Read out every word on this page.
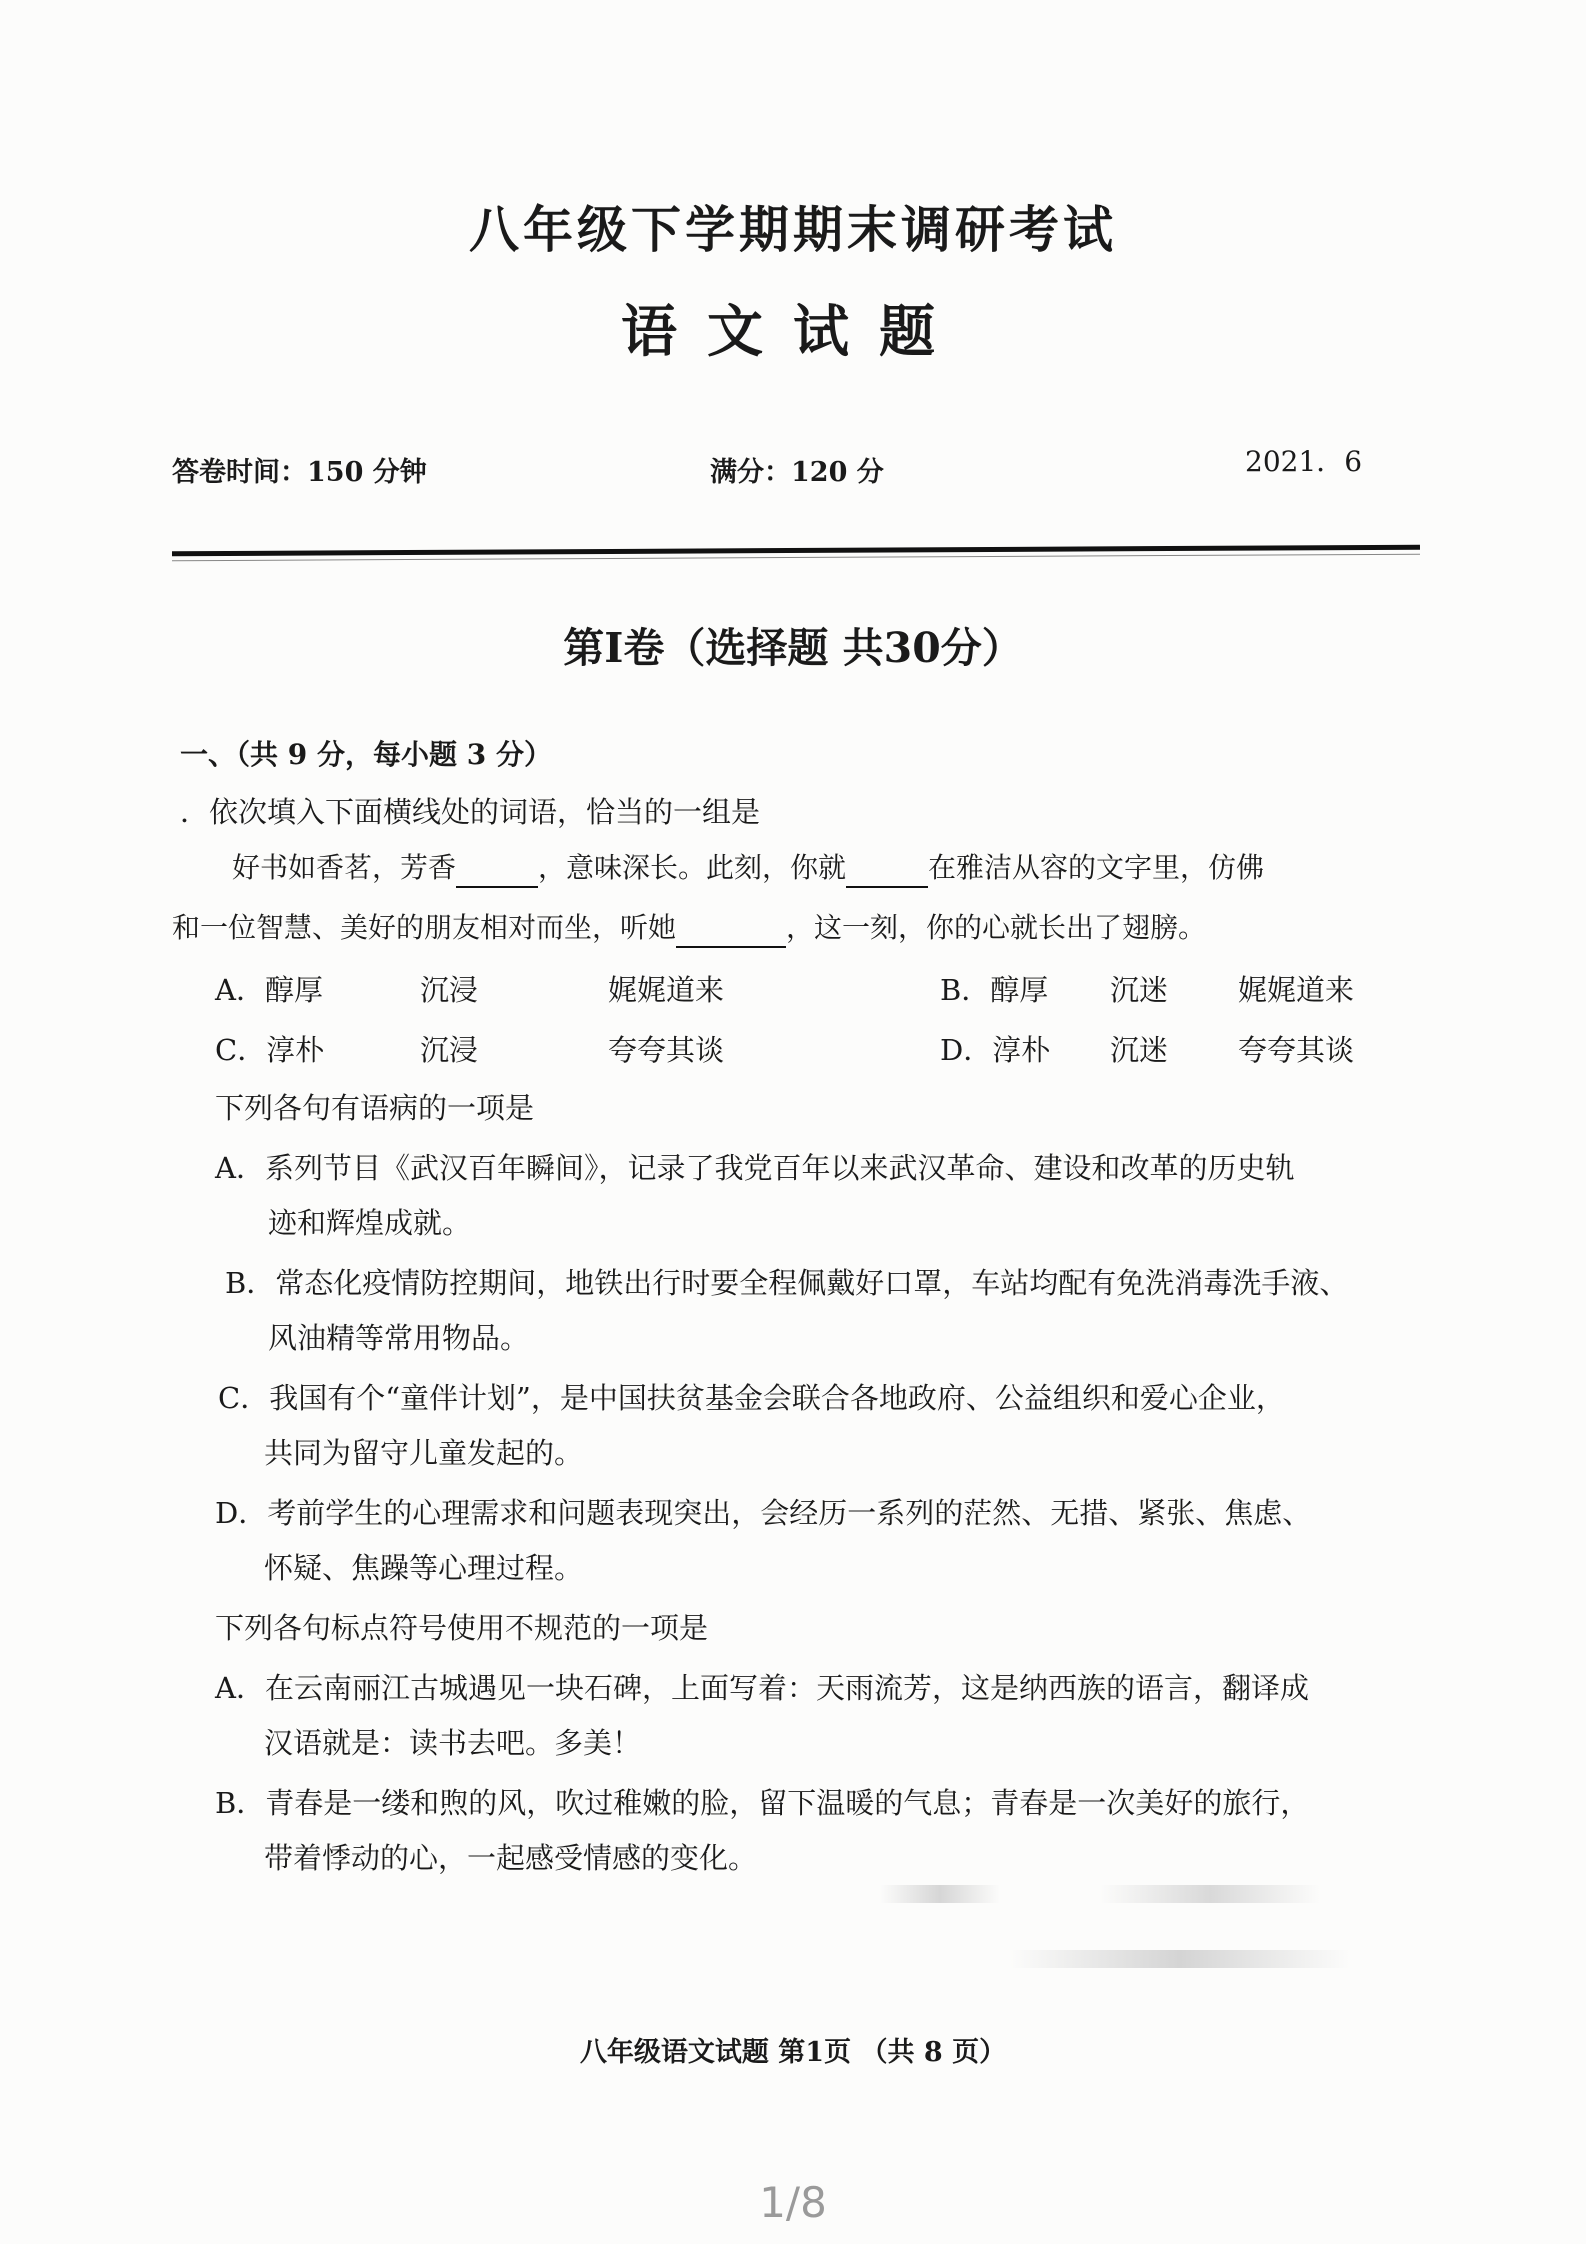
八年级下学期期末调研考试
语文试题
答卷时间：150 分钟	满分：120 分	2021．6
第Ⅰ卷（选择题 共30分）
一、（共 9 分，每小题 3 分）
．依次填入下面横线处的词语，恰当的一组是
好书如香茗，芳香	，意味深长。此刻，你就	在雅洁从容的文字里，仿佛
和一位智慧、美好的朋友相对而坐，听她	，这一刻，你的心就长出了翅膀。
A．醇厚	沉浸	娓娓道来	B．醇厚 沉迷 娓娓道来
C．淳朴	沉浸	夸夸其谈	D．淳朴 沉迷 夸夸其谈
下列各句有语病的一项是
A．系列节目《武汉百年瞬间》，记录了我党百年以来武汉革命、建设和改革的历史轨
迹和辉煌成就。
B．常态化疫情防控期间，地铁出行时要全程佩戴好口罩，车站均配有免洗消毒洗手液、
风油精等常用物品。
C．我国有个“童伴计划”，是中国扶贫基金会联合各地政府、公益组织和爱心企业，
共同为留守儿童发起的。
D．考前学生的心理需求和问题表现突出，会经历一系列的茫然、无措、紧张、焦虑、
怀疑、焦躁等心理过程。
下列各句标点符号使用不规范的一项是
A．在云南丽江古城遇见一块石碑，上面写着：天雨流芳，这是纳西族的语言，翻译成
汉语就是：读书去吧。多美！
B．青春是一缕和煦的风，吹过稚嫩的脸，留下温暖的气息；青春是一次美好的旅行，
带着悸动的心，一起感受情感的变化。
八年级语文试题 第1页 （共 8 页）
1/8
